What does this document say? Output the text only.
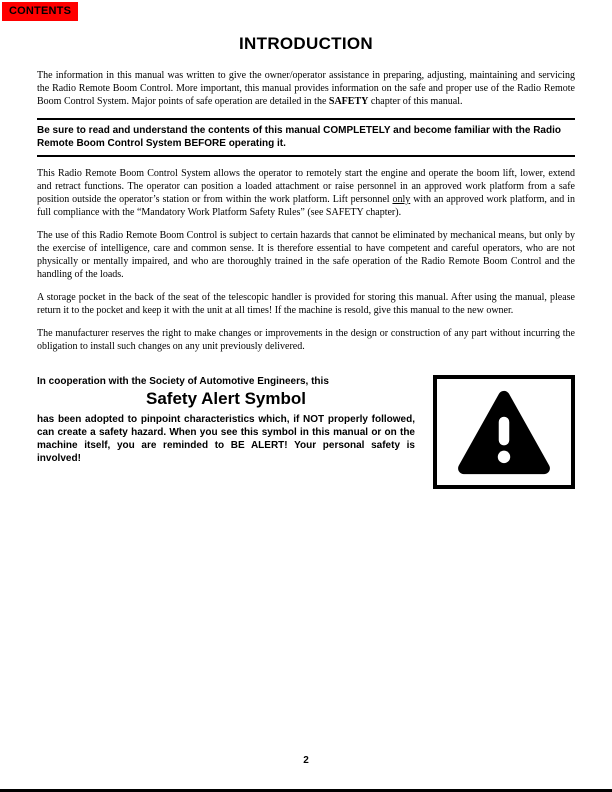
CONTENTS
INTRODUCTION

The information in this manual was written to give the owner/operator assistance in preparing, adjusting, maintaining and servicing the Radio Remote Boom Control. More important, this manual provides information on the safe and proper use of the Radio Remote Boom Control System. Major points of safe operation are detailed in the SAFETY chapter of this manual.

Be sure to read and understand the contents of this manual COMPLETELY and become familiar with the Radio Remote Boom Control System BEFORE operating it.

This Radio Remote Boom Control System allows the operator to remotely start the engine and operate the boom lift, lower, extend and retract functions. The operator can position a loaded attachment or raise personnel in an approved work platform from a safe position outside the operator’s station or from within the work platform. Lift personnel only with an approved work platform, and in full compliance with the “Mandatory Work Platform Safety Rules” (see SAFETY chapter).

The use of this Radio Remote Boom Control is subject to certain hazards that cannot be eliminated by mechanical means, but only by the exercise of intelligence, care and common sense. It is therefore essential to have competent and careful operators, who are not physically or mentally impaired, and who are thoroughly trained in the safe operation of the Radio Remote Boom Control and the handling of the loads.

A storage pocket in the back of the seat of the telescopic handler is provided for storing this manual. After using the manual, please return it to the pocket and keep it with the unit at all times! If the machine is resold, give this manual to the new owner.

The manufacturer reserves the right to make changes or improvements in the design or construction of any part without incurring the obligation to install such changes on any unit previously delivered.

In cooperation with the Society of Automotive Engineers, this

Safety Alert Symbol

has been adopted to pinpoint characteristics which, if NOT properly followed, can create a safety hazard. When you see this symbol in this manual or on the machine itself, you are reminded to BE ALERT! Your personal safety is involved!

2
